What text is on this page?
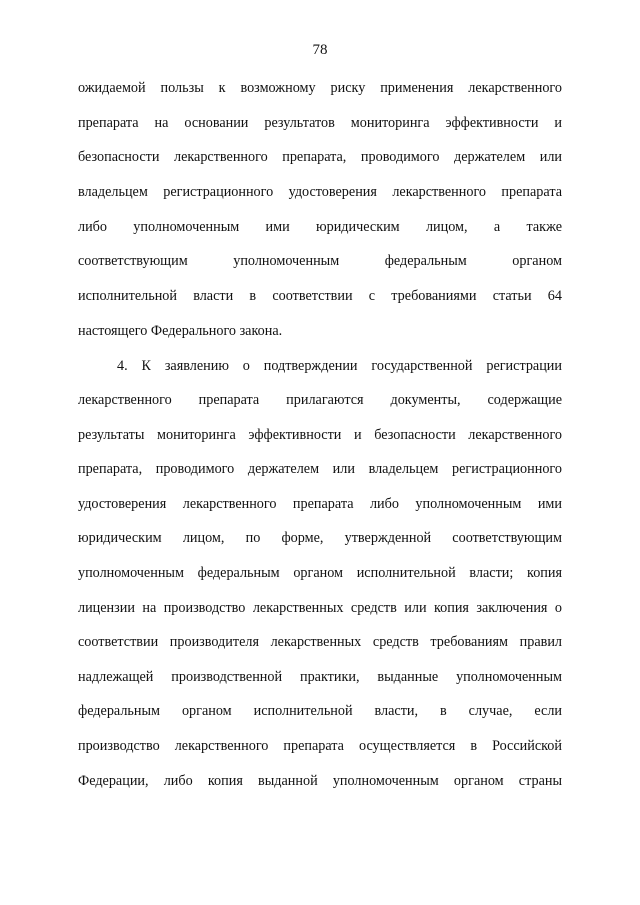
78
ожидаемой пользы к возможному риску применения лекарственного
препарата на основании результатов мониторинга эффективности и
безопасности лекарственного препарата, проводимого держателем или
владельцем регистрационного удостоверения лекарственного препарата
либо уполномоченным ими юридическим лицом, а также
соответствующим уполномоченным федеральным органом
исполнительной власти в соответствии с требованиями статьи 64
настоящего Федерального закона.
4. К заявлению о подтверждении государственной регистрации
лекарственного препарата прилагаются документы, содержащие
результаты мониторинга эффективности и безопасности лекарственного
препарата, проводимого держателем или владельцем регистрационного
удостоверения лекарственного препарата либо уполномоченным ими
юридическим лицом, по форме, утвержденной соответствующим
уполномоченным федеральным органом исполнительной власти; копия
лицензии на производство лекарственных средств или копия заключения о
соответствии производителя лекарственных средств требованиям правил
надлежащей производственной практики, выданные уполномоченным
федеральным органом исполнительной власти, в случае, если
производство лекарственного препарата осуществляется в Российской
Федерации, либо копия выданной уполномоченным органом страны
